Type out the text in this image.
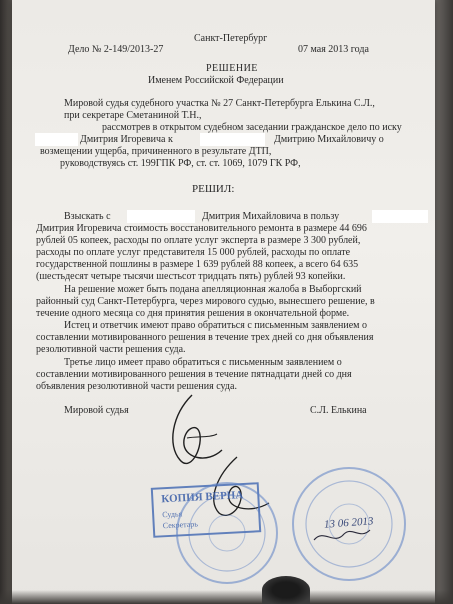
Санкт-Петербург
Дело № 2-149/2013-27	07 мая 2013 года
РЕШЕНИЕ
Именем Российской Федерации
Мировой судья судебного участка № 27 Санкт-Петербурга Елькина С.Л.,
при секретаре Сметаниной Т.Н.,
рассмотрев в открытом судебном заседании гражданское дело по иску
Дмитрия Игоревича к	Дмитрию Михайловичу о
возмещении ущерба, причиненного в результате ДТП,
руководствуясь ст. 199ГПК РФ, ст. ст. 1069, 1079 ГК РФ,
РЕШИЛ:
Взыскать с	Дмитрия Михайловича в пользу
Дмитрия Игоревича стоимость восстановительного ремонта в размере 44 696
рублей 05 копеек, расходы по оплате услуг эксперта в размере 3 300 рублей,
расходы по оплате услуг представителя 15 000 рублей, расходы по оплате
государственной пошлины в размере 1 639 рублей 88 копеек, а всего 64 635
(шестьдесят четыре тысячи шестьсот тридцать пять) рублей 93 копейки.
На решение может быть подана апелляционная жалоба в Выборгский
районный суд Санкт-Петербурга, через мирового судью, вынесшего решение, в
течение одного месяца со дня принятия решения в окончательной форме.
Истец и ответчик имеют право обратиться с письменным заявлением о
составлении мотивированного решения в течение трех дней со дня объявления
резолютивной части решения суда.
Третье лицо имеет право обратиться с письменным заявлением о
составлении мотивированного решения в течение пятнадцати дней со дня
объявления резолютивной части решения суда.
Мировой судья	С.Л. Елькина
КОПИЯ ВЕРНА
Судья
Секретарь	13 06 2013
